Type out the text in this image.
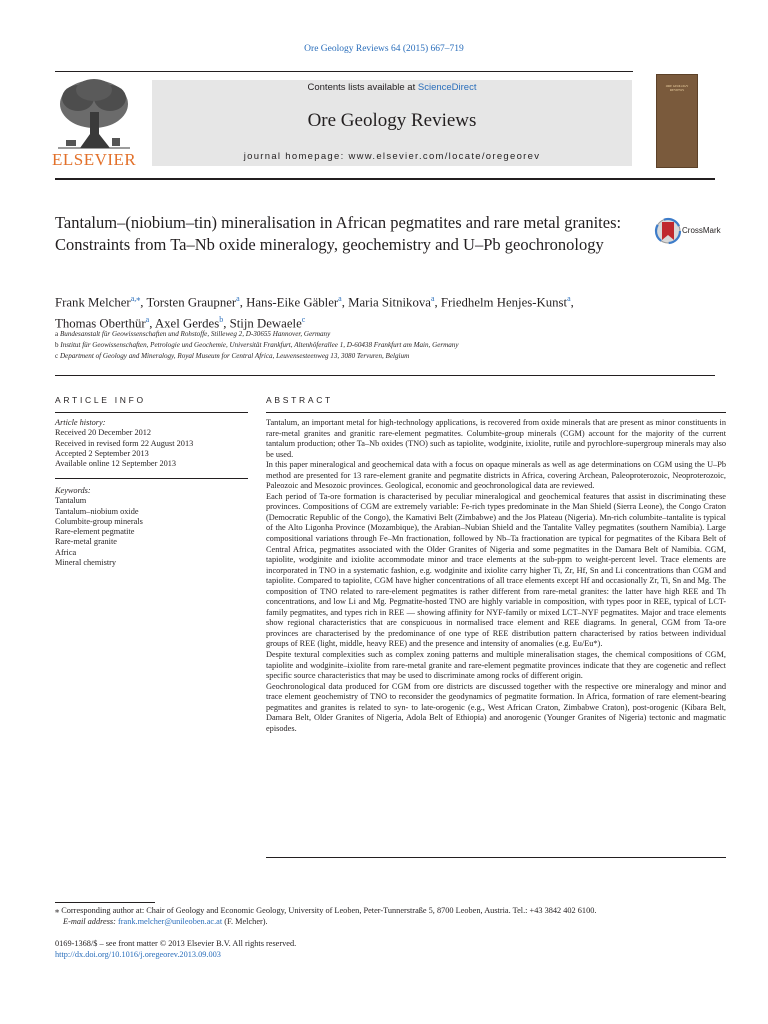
Ore Geology Reviews 64 (2015) 667–719
Contents lists available at ScienceDirect
Ore Geology Reviews
journal homepage: www.elsevier.com/locate/oregeorev
ELSEVIER
ORE GEOLOGY REVIEWS
Tantalum–(niobium–tin) mineralisation in African pegmatites and rare metal granites: Constraints from Ta–Nb oxide mineralogy, geochemistry and U–Pb geochronology
CrossMark
Frank Melcher$^{a,⁎}$, Torsten Graupner$^a$, Hans-Eike Gäbler$^a$, Maria Sitnikova$^a$, Friedhelm Henjes-Kunst$^a$,
Thomas Oberthür$^a$, Axel Gerdes$^b$, Stijn Dewaele$^c$
a Bundesanstalt für Geowissenschaften und Rohstoffe, Stilleweg 2, D-30655 Hannover, Germany
b Institut für Geowissenschaften, Petrologie und Geochemie, Universität Frankfurt, Altenhöferallee 1, D-60438 Frankfurt am Main, Germany
c Department of Geology and Mineralogy, Royal Museum for Central Africa, Leuvensesteenweg 13, 3080 Tervuren, Belgium
ARTICLE INFO
Article history:
Received 20 December 2012
Received in revised form 22 August 2013
Accepted 2 September 2013
Available online 12 September 2013
Keywords:
Tantalum
Tantalum–niobium oxide
Columbite-group minerals
Rare-element pegmatite
Rare-metal granite
Africa
Mineral chemistry
ABSTRACT

Tantalum, an important metal for high-technology applications, is recovered from oxide minerals that are present as minor constituents in rare-metal granites and granitic rare-element pegmatites. Columbite-group minerals (CGM) account for the majority of the current tantalum production; other Ta–Nb oxides (TNO) such as tapiolite, wodginite, ixiolite, rutile and pyrochlore-supergroup minerals may also be used.

In this paper mineralogical and geochemical data with a focus on opaque minerals as well as age determinations on CGM using the U–Pb method are presented for 13 rare-element granite and pegmatite districts in Africa, covering Archean, Paleoproterozoic, Neoproterozoic, Paleozoic and Mesozoic provinces. Geological, economic and geochronological data are reviewed.

Each period of Ta-ore formation is characterised by peculiar mineralogical and geochemical features that assist in discriminating these provinces. Compositions of CGM are extremely variable: Fe-rich types predominate in the Man Shield (Sierra Leone), the Congo Craton (Democratic Republic of the Congo), the Kamativi Belt (Zimbabwe) and the Jos Plateau (Nigeria). Mn-rich columbite–tantalite is typical of the Alto Ligonha Province (Mozambique), the Arabian–Nubian Shield and the Tantalite Valley pegmatites (southern Namibia). Large compositional variations through Fe–Mn fractionation, followed by Nb–Ta fractionation are typical for pegmatites of the Kibara Belt of Central Africa, pegmatites associated with the Older Granites of Nigeria and some pegmatites in the Damara Belt of Namibia. CGM, tapiolite, wodginite and ixiolite accommodate minor and trace elements at the sub-ppm to weight-percent level. Trace elements are incorporated in TNO in a systematic fashion, e.g. wodginite and ixiolite carry higher Ti, Zr, Hf, Sn and Li concentrations than CGM and tapiolite. Compared to tapiolite, CGM have higher concentrations of all trace elements except Hf and occasionally Zr, Ti, Sn and Mg. The composition of TNO related to rare-element pegmatites is rather different from rare-metal granites: the latter have high REE and Th concentrations, and low Li and Mg. Pegmatite-hosted TNO are highly variable in composition, with types poor in REE, typical of LCT-family pegmatites, and types rich in REE — showing affinity for NYF-family or mixed LCT–NYF pegmatites. Major and trace elements show regional characteristics that are conspicuous in normalised trace element and REE diagrams. In general, CGM from Ta-ore provinces are characterised by the predominance of one type of REE distribution pattern characterised by ratios between individual groups of REE (light, middle, heavy REE) and the presence and intensity of anomalies (e.g. Eu/Eu*).

Despite textural complexities such as complex zoning patterns and multiple mineralisation stages, the chemical compositions of CGM, tapiolite and wodginite–ixiolite from rare-metal granite and rare-element pegmatite provinces indicate that they are cogenetic and reflect specific source characteristics that may be used to discriminate among rocks of different origin.

Geochronological data produced for CGM from ore districts are discussed together with the respective ore mineralogy and minor and trace element geochemistry of TNO to reconsider the geodynamics of pegmatite formation. In Africa, formation of rare element-bearing pegmatites and granites is related to syn- to late-orogenic (e.g., West African Craton, Zimbabwe Craton), post-orogenic (Kibara Belt, Damara Belt, Older Granites of Nigeria, Adola Belt of Ethiopia) and anorogenic (Younger Granites of Nigeria) tectonic and magmatic episodes.

⁎ Corresponding author at: Chair of Geology and Economic Geology, University of Leoben, Peter-Tunnerstraße 5, 8700 Leoben, Austria. Tel.: +43 3842 402 6100.
E-mail address: frank.melcher@unileoben.ac.at (F. Melcher).
0169-1368/$ – see front matter © 2013 Elsevier B.V. All rights reserved.
http://dx.doi.org/10.1016/j.oregeorev.2013.09.003
